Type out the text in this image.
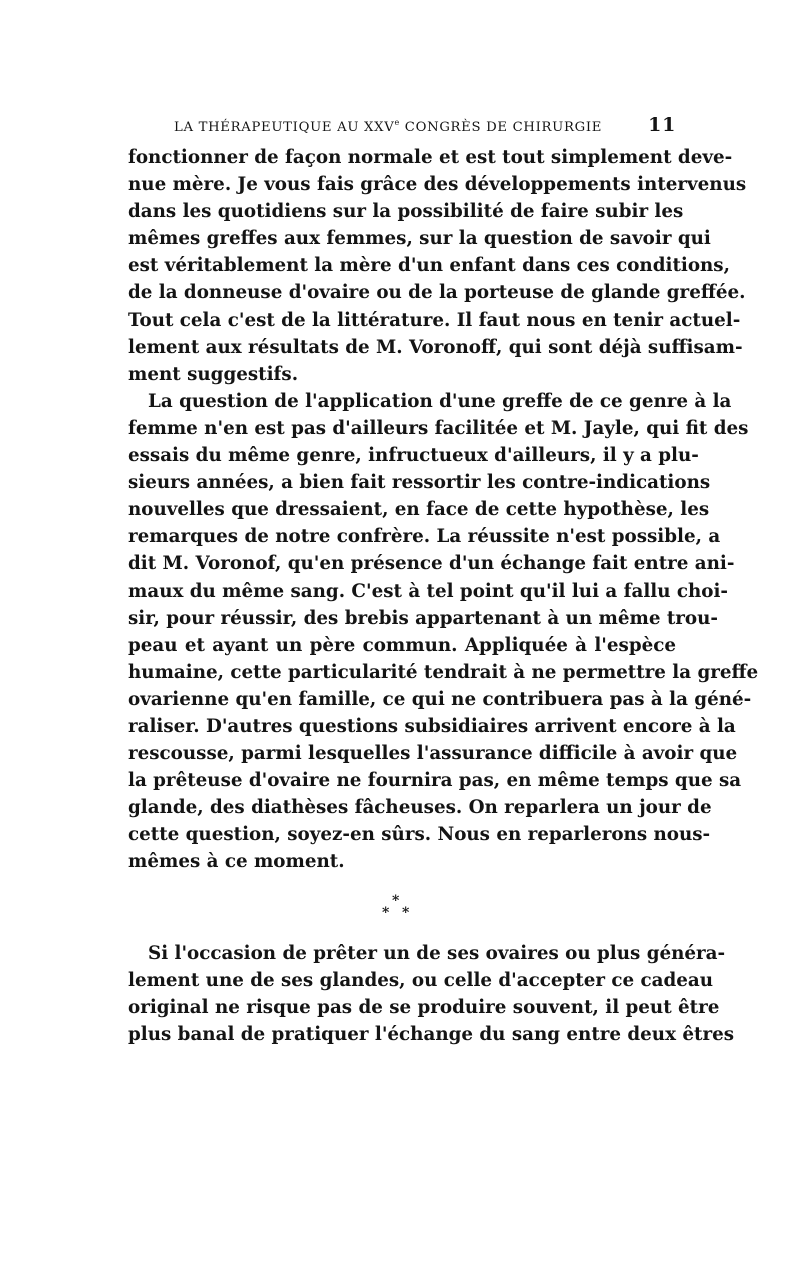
LA THÉRAPEUTIQUE AU XXVe CONGRÈS DE CHIRURGIE 11
fonctionner de façon normale et est tout simplement deve-
nue mère. Je vous fais grâce des développements intervenus
dans les quotidiens sur la possibilité de faire subir les
mêmes greffes aux femmes, sur la question de savoir qui
est véritablement la mère d'un enfant dans ces conditions,
de la donneuse d'ovaire ou de la porteuse de glande greffée.
Tout cela c'est de la littérature. Il faut nous en tenir actuel-
lement aux résultats de M. Voronoff, qui sont déjà suffisam-
ment suggestifs.
La question de l'application d'une greffe de ce genre à la
femme n'en est pas d'ailleurs facilitée et M. Jayle, qui fit des
essais du même genre, infructueux d'ailleurs, il y a plu-
sieurs années, a bien fait ressortir les contre-indications
nouvelles que dressaient, en face de cette hypothèse, les
remarques de notre confrère. La réussite n'est possible, a
dit M. Voronof, qu'en présence d'un échange fait entre ani-
maux du même sang. C'est à tel point qu'il lui a fallu choi-
sir, pour réussir, des brebis appartenant à un même trou-
peau et ayant un père commun. Appliquée à l'espèce
humaine, cette particularité tendrait à ne permettre la greffe
ovarienne qu'en famille, ce qui ne contribuera pas à la géné-
raliser. D'autres questions subsidiaires arrivent encore à la
rescousse, parmi lesquelles l'assurance difficile à avoir que
la prêteuse d'ovaire ne fournira pas, en même temps que sa
glande, des diathèses fâcheuses. On reparlera un jour de
cette question, soyez-en sûrs. Nous en reparlerons nous-
mêmes à ce moment.
*
* *
Si l'occasion de prêter un de ses ovaires ou plus généra-
lement une de ses glandes, ou celle d'accepter ce cadeau
original ne risque pas de se produire souvent, il peut être
plus banal de pratiquer l'échange du sang entre deux êtres
